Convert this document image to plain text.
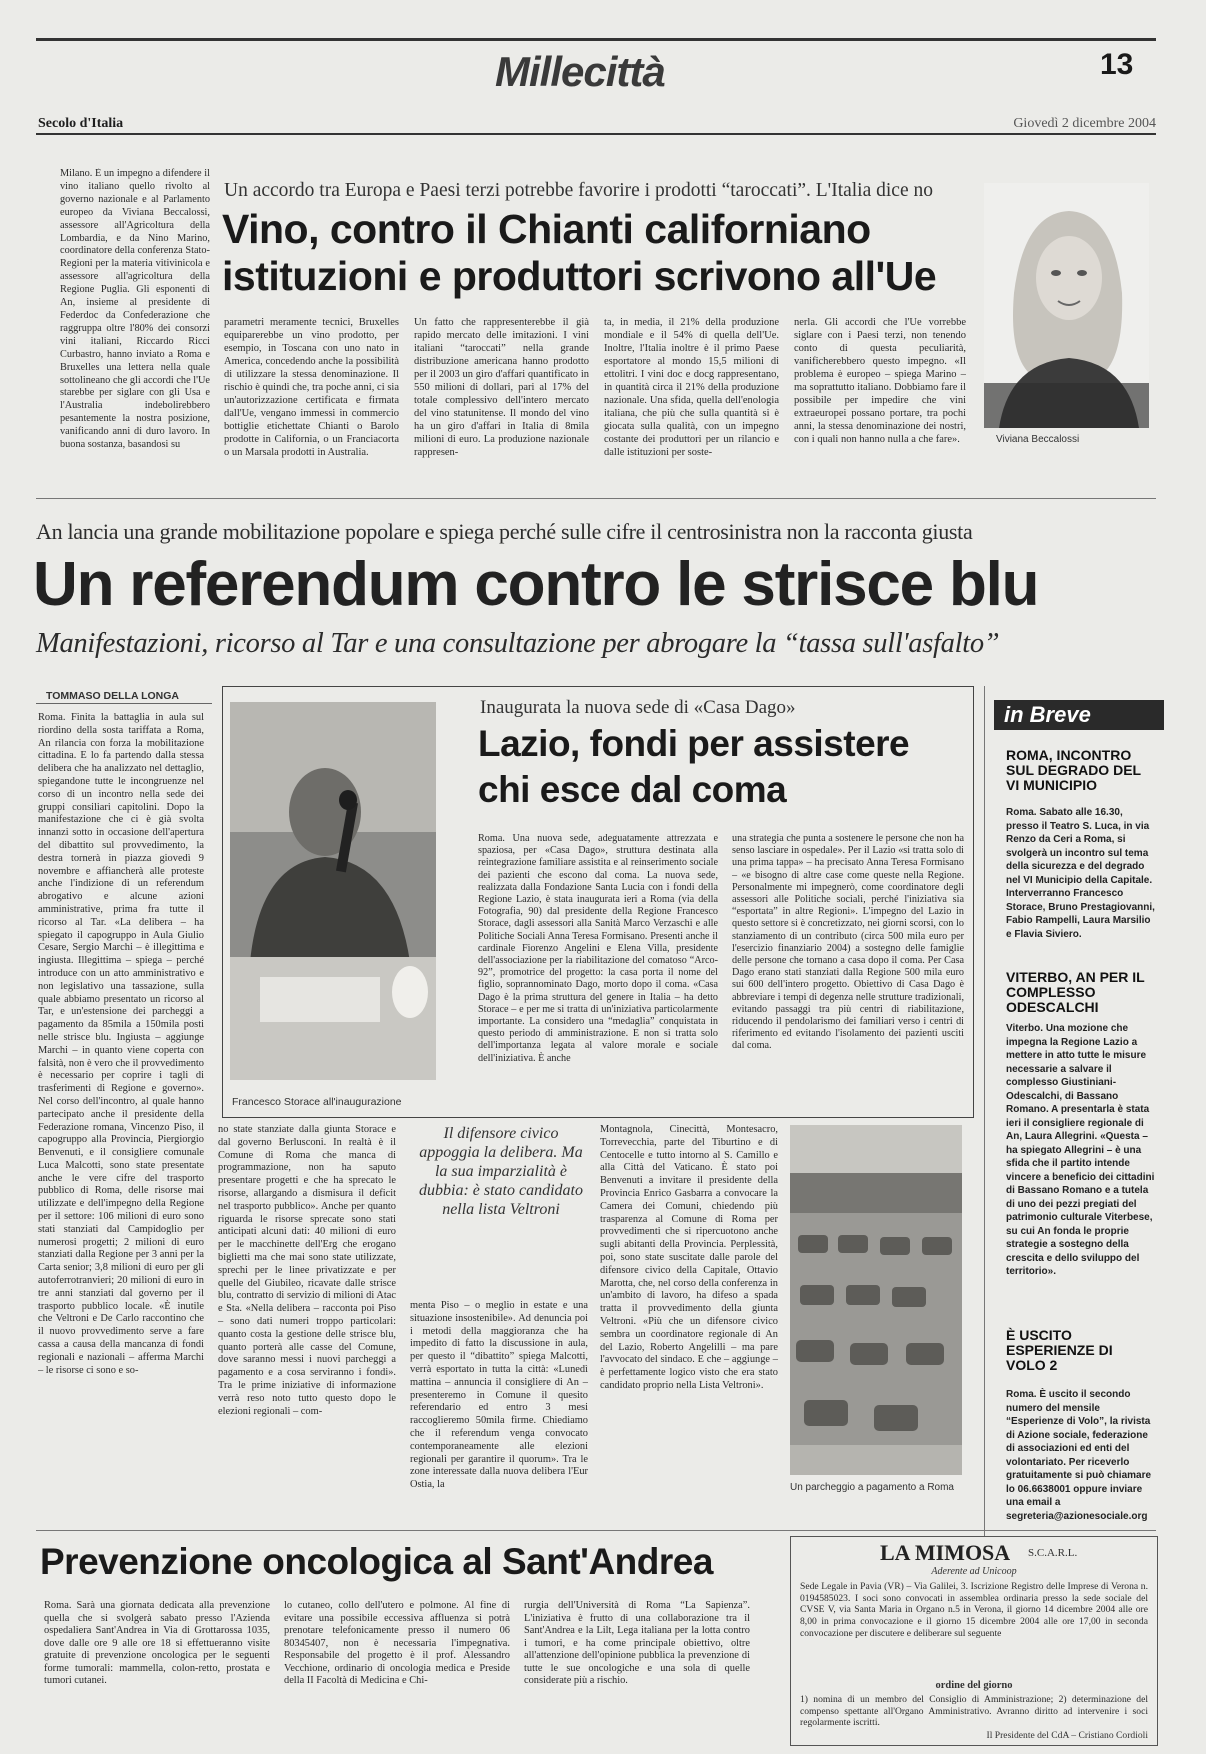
Millecittà	13
Secolo d'Italia	Giovedì 2 dicembre 2004
Milano. È un impegno a difendere il vino italiano quello rivolto al governo nazionale e al Parlamento europeo da Viviana Beccalossi, assessore all'Agricoltura della Lombardia, e da Nino Marino, coordinatore della conferenza Stato-Regioni per la materia vitivinicola e assessore all'agricoltura della Regione Puglia. Gli esponenti di An, insieme al presidente di Federdoc da Confederazione che raggruppa oltre l'80% dei consorzi vini italiani, Riccardo Ricci Curbastro, hanno inviato a Roma e Bruxelles una lettera nella quale sottolineano che gli accordi che l'Ue starebbe per siglare con gli Usa e l'Australia indebolirebbero pesantemente la nostra posizione, vanificando anni di duro lavoro. In buona sostanza, basandosi su
Un accordo tra Europa e Paesi terzi potrebbe favorire i prodotti “taroccati”. L'Italia dice no
Vino, contro il Chianti californiano
istituzioni e produttori scrivono all'Ue
parametri meramente tecnici, Bruxelles equiparerebbe un vino prodotto, per esempio, in Toscana con uno nato in America, concedendo anche la possibilità di utilizzare la stessa denominazione. Il rischio è quindi che, tra poche anni, ci sia un'autorizzazione certificata e firmata dall'Ue, vengano immessi in commercio bottiglie etichettate Chianti o Barolo prodotte in California, o un Franciacorta o un Marsala prodotti in Australia.
Un fatto che rappresenterebbe il già rapido mercato delle imitazioni. I vini italiani “taroccati” nella grande distribuzione americana hanno prodotto per il 2003 un giro d'affari quantificato in 550 milioni di dollari, pari al 17% del totale complessivo dell'intero mercato del vino statunitense. Il mondo del vino ha un giro d'affari in Italia di 8mila milioni di euro. La produzione nazionale rappresen-
ta, in media, il 21% della produzione mondiale e il 54% di quella dell'Ue. Inoltre, l'Italia inoltre è il primo Paese esportatore al mondo 15,5 milioni di ettolitri. I vini doc e docg rappresentano, in quantità circa il 21% della produzione nazionale. Una sfida, quella dell'enologia italiana, che più che sulla quantità si è giocata sulla qualità, con un impegno costante dei produttori per un rilancio e dalle istituzioni per soste-
nerla. Gli accordi che l'Ue vorrebbe siglare con i Paesi terzi, non tenendo conto di questa peculiarità, vanificherebbero questo impegno. «Il problema è europeo – spiega Marino – ma soprattutto italiano. Dobbiamo fare il possibile per impedire che vini extraeuropei possano portare, tra pochi anni, la stessa denominazione dei nostri, con i quali non hanno nulla a che fare».	Viviana Beccalossi
An lancia una grande mobilitazione popolare e spiega perché sulle cifre il centrosinistra non la racconta giusta
Un referendum contro le strisce blu
Manifestazioni, ricorso al Tar e una consultazione per abrogare la “tassa sull'asfalto”
TOMMASO DELLA LONGA
Roma. Finita la battaglia in aula sul riordino della sosta tariffata a Roma, An rilancia con forza la mobilitazione cittadina. E lo fa partendo dalla stessa delibera che ha analizzato nel dettaglio, spiegandone tutte le incongruenze nel corso di un incontro nella sede dei gruppi consiliari capitolini. Dopo la manifestazione che ci è già svolta innanzi sotto in occasione dell'apertura del dibattito sul provvedimento, la destra tornerà in piazza giovedì 9 novembre e affiancherà alle proteste anche l'indizione di un referendum abrogativo e alcune azioni amministrative, prima fra tutte il ricorso al Tar. «La delibera – ha spiegato il capogruppo in Aula Giulio Cesare, Sergio Marchi – è illegittima e ingiusta. Illegittima – spiega – perché introduce con un atto amministrativo e non legislativo una tassazione, sulla quale abbiamo presentato un ricorso al Tar, e un'estensione dei parcheggi a pagamento da 85mila a 150mila posti nelle strisce blu. Ingiusta – aggiunge Marchi – in quanto viene coperta con falsità, non è vero che il provvedimento è necessario per coprire i tagli di trasferimenti di Regione e governo». Nel corso dell'incontro, al quale hanno partecipato anche il presidente della Federazione romana, Vincenzo Piso, il capogruppo alla Provincia, Piergiorgio Benvenuti, e il consigliere comunale Luca Malcotti, sono state presentate anche le vere cifre del trasporto pubblico di Roma, delle risorse mai utilizzate e dell'impegno della Regione per il settore: 106 milioni di euro sono stati stanziati dal Campidoglio per numerosi progetti; 2 milioni di euro stanziati dalla Regione per 3 anni per la Carta senior; 3,8 milioni di euro per gli autoferrotranvieri; 20 milioni di euro in tre anni stanziati dal governo per il trasporto pubblico locale. «È inutile che Veltroni e De Carlo raccontino che il nuovo provvedimento serve a fare cassa a causa della mancanza di fondi regionali e nazionali – afferma Marchi – le risorse ci sono e so-
Francesco Storace all'inaugurazione
Inaugurata la nuova sede di «Casa Dago»
Lazio, fondi per assistere
chi esce dal coma
Roma. Una nuova sede, adeguatamente attrezzata e spaziosa, per «Casa Dago», struttura destinata alla reintegrazione familiare assistita e al reinserimento sociale dei pazienti che escono dal coma. La nuova sede, realizzata dalla Fondazione Santa Lucia con i fondi della Regione Lazio, è stata inaugurata ieri a Roma (via della Fotografia, 90) dal presidente della Regione Francesco Storace, dagli assessori alla Sanità Marco Verzaschi e alle Politiche Sociali Anna Teresa Formisano. Presenti anche il cardinale Fiorenzo Angelini e Elena Villa, presidente dell'associazione per la riabilitazione del comatoso “Arco-92”, promotrice del progetto: la casa porta il nome del figlio, soprannominato Dago, morto dopo il coma. «Casa Dago è la prima struttura del genere in Italia – ha detto Storace – e per me si tratta di un'iniziativa particolarmente importante. La considero una “medaglia” conquistata in questo periodo di amministrazione. E non si tratta solo dell'importanza legata al valore morale e sociale dell'iniziativa. È anche
una strategia che punta a sostenere le persone che non ha senso lasciare in ospedale». Per il Lazio «si tratta solo di una prima tappa» – ha precisato Anna Teresa Formisano – «e bisogno di altre case come queste nella Regione. Personalmente mi impegnerò, come coordinatore degli assessori alle Politiche sociali, perché l'iniziativa sia “esportata” in altre Regioni». L'impegno del Lazio in questo settore si è concretizzato, nei giorni scorsi, con lo stanziamento di un contributo (circa 500 mila euro per l'esercizio finanziario 2004) a sostegno delle famiglie delle persone che tornano a casa dopo il coma. Per Casa Dago erano stati stanziati dalla Regione 500 mila euro sui 600 dell'intero progetto. Obiettivo di Casa Dago è abbreviare i tempi di degenza nelle strutture tradizionali, evitando passaggi tra più centri di riabilitazione, riducendo il pendolarismo dei familiari verso i centri di riferimento ed evitando l'isolamento dei pazienti usciti dal coma.
no state stanziate dalla giunta Storace e dal governo Berlusconi. In realtà è il Comune di Roma che manca di programmazione, non ha saputo presentare progetti e che ha sprecato le risorse, allargando a dismisura il deficit nel trasporto pubblico». Anche per quanto riguarda le risorse sprecate sono stati anticipati alcuni dati: 40 milioni di euro per le macchinette dell'Erg che erogano biglietti ma che mai sono state utilizzate, sprechi per le linee privatizzate e per quelle del Giubileo, ricavate dalle strisce blu, contratto di servizio di milioni di Atac e Sta. «Nella delibera – racconta poi Piso – sono dati numeri troppo particolari: quanto costa la gestione delle strisce blu, quanto porterà alle casse del Comune, dove saranno messi i nuovi parcheggi a pagamento e a cosa serviranno i fondi». Tra le prime iniziative di informazione verrà reso noto tutto questo dopo le elezioni regionali – com-
Il difensore civico appoggia la delibera. Ma la sua imparzialità è dubbia: è stato candidato nella lista Veltroni
menta Piso – o meglio in estate e una situazione insostenibile». Ad denuncia poi i metodi della maggioranza che ha impedito di fatto la discussione in aula, per questo il “dibattito” spiega Malcotti, verrà esportato in tutta la città: «Lunedì mattina – annuncia il consigliere di An – presenteremo in Comune il quesito referendario ed entro 3 mesi raccoglieremo 50mila firme. Chiediamo che il referendum venga convocato contemporaneamente alle elezioni regionali per garantire il quorum». Tra le zone interessate dalla nuova delibera l'Eur Ostia, la
Montagnola, Cinecittà, Montesacro, Torrevecchia, parte del Tiburtino e di Centocelle e tutto intorno al S. Camillo e alla Città del Vaticano. È stato poi Benvenuti a invitare il presidente della Provincia Enrico Gasbarra a convocare la Camera dei Comuni, chiedendo più trasparenza al Comune di Roma per provvedimenti che si ripercuotono anche sugli abitanti della Provincia. Perplessità, poi, sono state suscitate dalle parole del difensore civico della Capitale, Ottavio Marotta, che, nel corso della conferenza in un'ambito di lavoro, ha difeso a spada tratta il provvedimento della giunta Veltroni. «Più che un difensore civico sembra un coordinatore regionale di An del Lazio, Roberto Angelilli – ma pare l'avvocato del sindaco. E che – aggiunge – è perfettamente logico visto che era stato candidato proprio nella Lista Veltroni».
Un parcheggio a pagamento a Roma
in Breve
ROMA, INCONTRO SUL DEGRADO DEL VI MUNICIPIO
Roma. Sabato alle 16.30, presso il Teatro S. Luca, in via Renzo da Ceri a Roma, si svolgerà un incontro sul tema della sicurezza e del degrado nel VI Municipio della Capitale. Interverranno Francesco Storace, Bruno Prestagiovanni, Fabio Rampelli, Laura Marsilio e Flavia Siviero.
VITERBO, AN PER IL COMPLESSO ODESCALCHI
Viterbo. Una mozione che impegna la Regione Lazio a mettere in atto tutte le misure necessarie a salvare il complesso Giustiniani-Odescalchi, di Bassano Romano. A presentarla è stata ieri il consigliere regionale di An, Laura Allegrini. «Questa – ha spiegato Allegrini – è una sfida che il partito intende vincere a beneficio dei cittadini di Bassano Romano e a tutela di uno dei pezzi pregiati del patrimonio culturale Viterbese, su cui An fonda le proprie strategie a sostegno della crescita e dello sviluppo del territorio».
È USCITO ESPERIENZE DI VOLO 2
Roma. È uscito il secondo numero del mensile “Esperienze di Volo”, la rivista di Azione sociale, federazione di associazioni ed enti del volontariato. Per riceverlo gratuitamente si può chiamare lo 06.6638001 oppure inviare una email a segreteria@azionesociale.org
Prevenzione oncologica al Sant'Andrea
Roma. Sarà una giornata dedicata alla prevenzione quella che si svolgerà sabato presso l'Azienda ospedaliera Sant'Andrea in Via di Grottarossa 1035, dove dalle ore 9 alle ore 18 si effettueranno visite gratuite di prevenzione oncologica per le seguenti forme tumorali: mammella, colon-retto, prostata e tumori cutanei.
lo cutaneo, collo dell'utero e polmone. Al fine di evitare una possibile eccessiva affluenza si potrà prenotare telefonicamente presso il numero 06 80345407, non è necessaria l'impegnativa. Responsabile del progetto è il prof. Alessandro Vecchione, ordinario di oncologia medica e Preside della II Facoltà di Medicina e Chi-
rurgia dell'Università di Roma “La Sapienza”. L'iniziativa è frutto di una collaborazione tra il Sant'Andrea e la Lilt, Lega italiana per la lotta contro i tumori, e ha come principale obiettivo, oltre all'attenzione dell'opinione pubblica la prevenzione di tutte le sue oncologiche e una sola di quelle considerate più a rischio.
LA MIMOSA S.C.A.R.L.
Aderente ad Unicoop
Sede Legale in Pavia (VR) – Via Galilei, 3. Iscrizione Registro delle Imprese di Verona n. 0194585023. I soci sono convocati in assemblea ordinaria presso la sede sociale del CVSE V, via Santa Maria in Organo n.5 in Verona, il giorno 14 dicembre 2004 alle ore 8,00 in prima convocazione e il giorno 15 dicembre 2004 alle ore 17,00 in seconda convocazione per discutere e deliberare sul seguente
ordine del giorno
1) nomina di un membro del Consiglio di Amministrazione; 2) determinazione del compenso spettante all'Organo Amministrativo. Avranno diritto ad intervenire i soci regolarmente iscritti.
Il Presidente del CdA – Cristiano Cordioli
